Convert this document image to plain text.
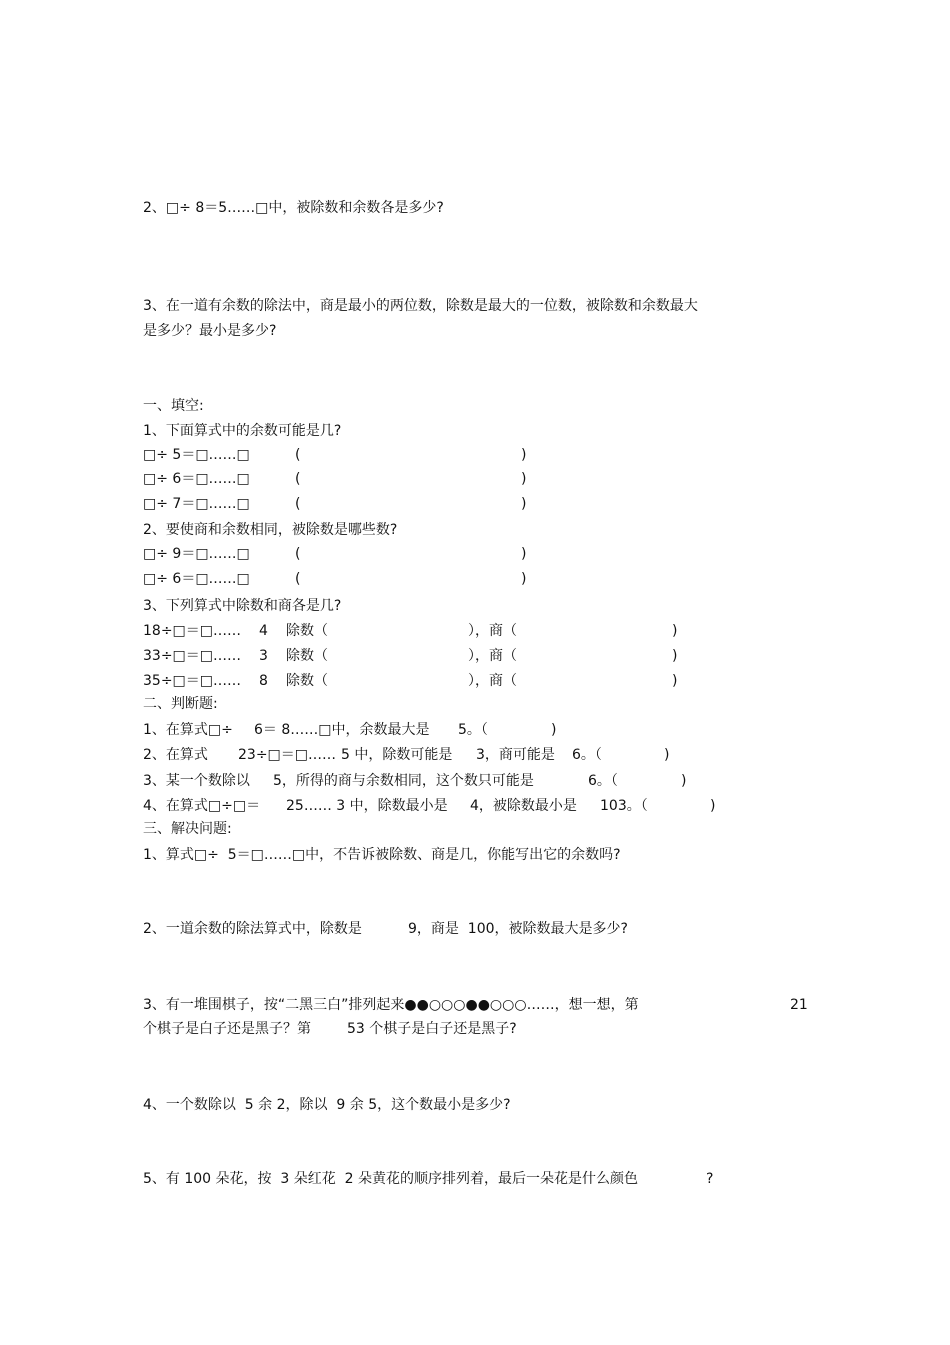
2、□÷ 8＝5……□中，被除数和余数各是多少?
3、在一道有余数的除法中，商是最小的两位数，除数是最大的一位数，被除数和余数最大
是多少？最小是多少?
一、填空:
1、下面算式中的余数可能是几?
□÷ 5＝□……□	(	)
□÷ 6＝□……□	(	)
□÷ 7＝□……□	(	)
2、要使商和余数相同，被除数是哪些数?
□÷ 9＝□……□	(	)
□÷ 6＝□……□	(	)
3、下列算式中除数和商各是几?
18÷□＝□…… 4 除数（	），商（	)
33÷□＝□…… 3 除数（	），商（	)
35÷□＝□…… 8 除数（	），商（	)
二、判断题:
1、在算式□÷ 6＝ 8……□中，余数最大是 5。（	)
2、在算式 23÷□＝□…… 5 中，除数可能是 3，商可能是 6。（	)
3、某一个数除以 5，所得的商与余数相同，这个数只可能是	6。（	)
4、在算式□÷□＝ 25…… 3 中，除数最小是 4，被除数最小是 103。（	)
三、解决问题:
1、算式□÷  5＝□……□中，不告诉被除数、商是几，你能写出它的余数吗?
2、一道余数的除法算式中，除数是	9，商是  100，被除数最大是多少?
3、有一堆围棋子，按“二黑三白”排列起来●●○○○●●○○○……，想一想，第	21
个棋子是白子还是黑子？第	53 个棋子是白子还是黑子?
4、一个数除以  5 余 2，除以  9 余 5，这个数最小是多少?
5、有 100 朵花，按  3 朵红花  2 朵黄花的顺序排列着，最后一朵花是什么颜色	?
